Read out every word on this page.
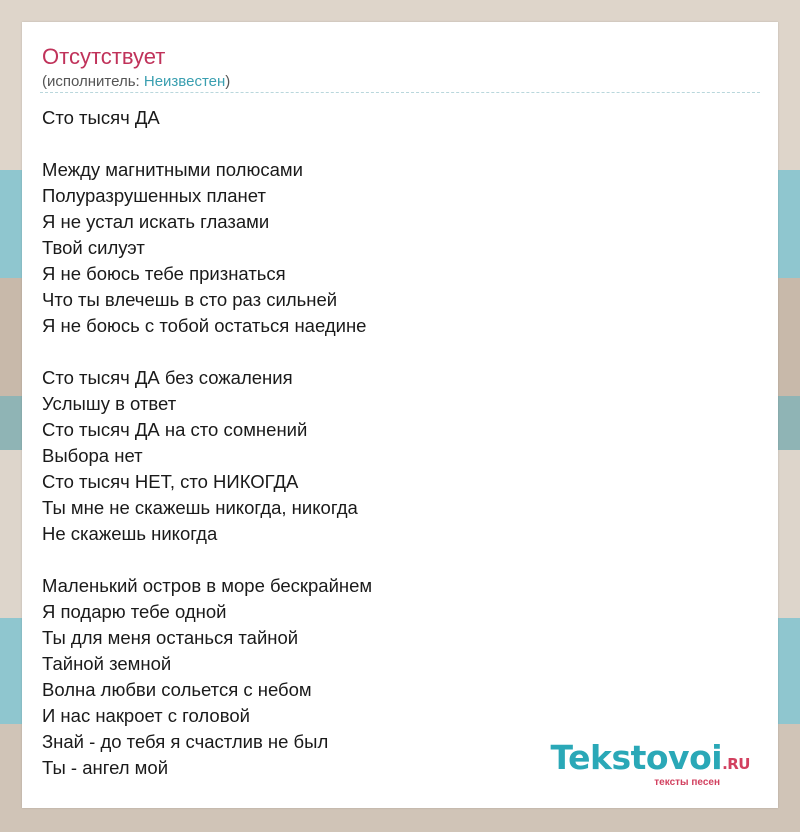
Отсутствует
(исполнитель: Неизвестен)
Сто тысяч ДА

Между магнитными полюсами
Полуразрушенных планет
Я не устал искать глазами
Твой силуэт
Я не боюсь тебе признаться
Что ты влечешь в сто раз сильней
Я не боюсь с тобой остаться наедине

Сто тысяч ДА без сожаления
Услышу в ответ
Сто тысяч ДА на сто сомнений
Выбора нет
Сто тысяч НЕТ, сто НИКОГДА
Ты мне не скажешь никогда, никогда
Не скажешь никогда

Маленький остров в море бескрайнем
Я подарю тебе одной
Ты для меня останься тайной
Тайной земной
Волна любви сольется с небом
И нас накроет с головой
Знай - до тебя я счастлив не был
Ты - ангел мой	Tekstovoi.RU
тексты песен
